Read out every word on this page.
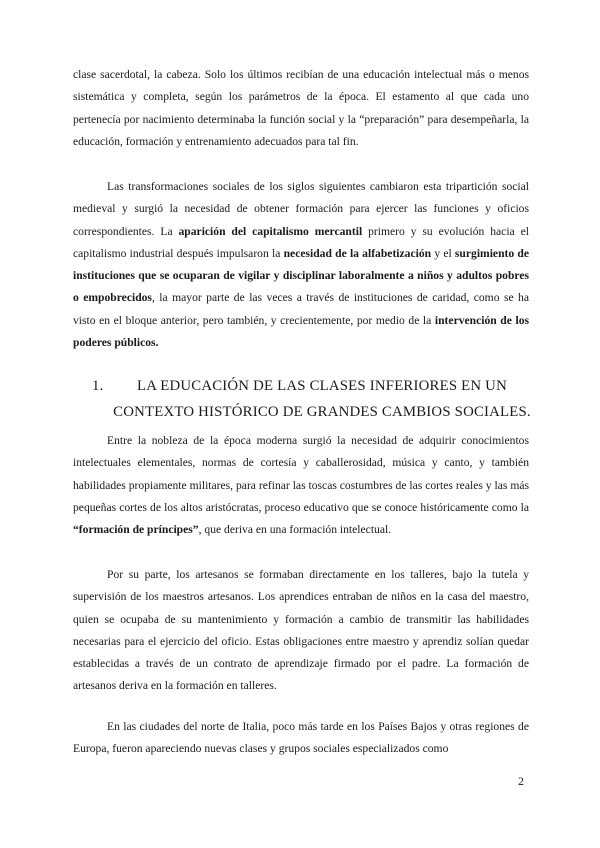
clase sacerdotal, la cabeza. Solo los últimos recibían de una educación intelectual más o menos sistemática y completa, según los parámetros de la época. El estamento al que cada uno pertenecía por nacimiento determinaba la función social y la “preparación” para desempeñarla, la educación, formación y entrenamiento adecuados para tal fin.

Las transformaciones sociales de los siglos siguientes cambiaron esta tripartición social medieval y surgió la necesidad de obtener formación para ejercer las funciones y oficios correspondientes. La aparición del capitalismo mercantil primero y su evolución hacia el capitalismo industrial después impulsaron la necesidad de la alfabetización y el surgimiento de instituciones que se ocuparan de vigilar y disciplinar laboralmente a niños y adultos pobres o empobrecidos, la mayor parte de las veces a través de instituciones de caridad, como se ha visto en el bloque anterior, pero también, y crecientemente, por medio de la intervención de los poderes públicos.

1.	LA EDUCACIÓN DE LAS CLASES INFERIORES EN UN CONTEXTO HISTÓRICO DE GRANDES CAMBIOS SOCIALES.

Entre la nobleza de la época moderna surgió la necesidad de adquirir conocimientos intelectuales elementales, normas de cortesía y caballerosidad, música y canto, y también habilidades propiamente militares, para refinar las toscas costumbres de las cortes reales y las más pequeñas cortes de los altos aristócratas, proceso educativo que se conoce históricamente como la “formación de príncipes”, que deriva en una formación intelectual.

Por su parte, los artesanos se formaban directamente en los talleres, bajo la tutela y supervisión de los maestros artesanos. Los aprendices entraban de niños en la casa del maestro, quien se ocupaba de su mantenimiento y formación a cambio de transmitir las habilidades necesarias para el ejercicio del oficio. Estas obligaciones entre maestro y aprendiz solían quedar establecidas a través de un contrato de aprendizaje firmado por el padre. La formación de artesanos deriva en la formación en talleres.

En las ciudades del norte de Italia, poco más tarde en los Países Bajos y otras regiones de Europa, fueron apareciendo nuevas clases y grupos sociales especializados como

2
